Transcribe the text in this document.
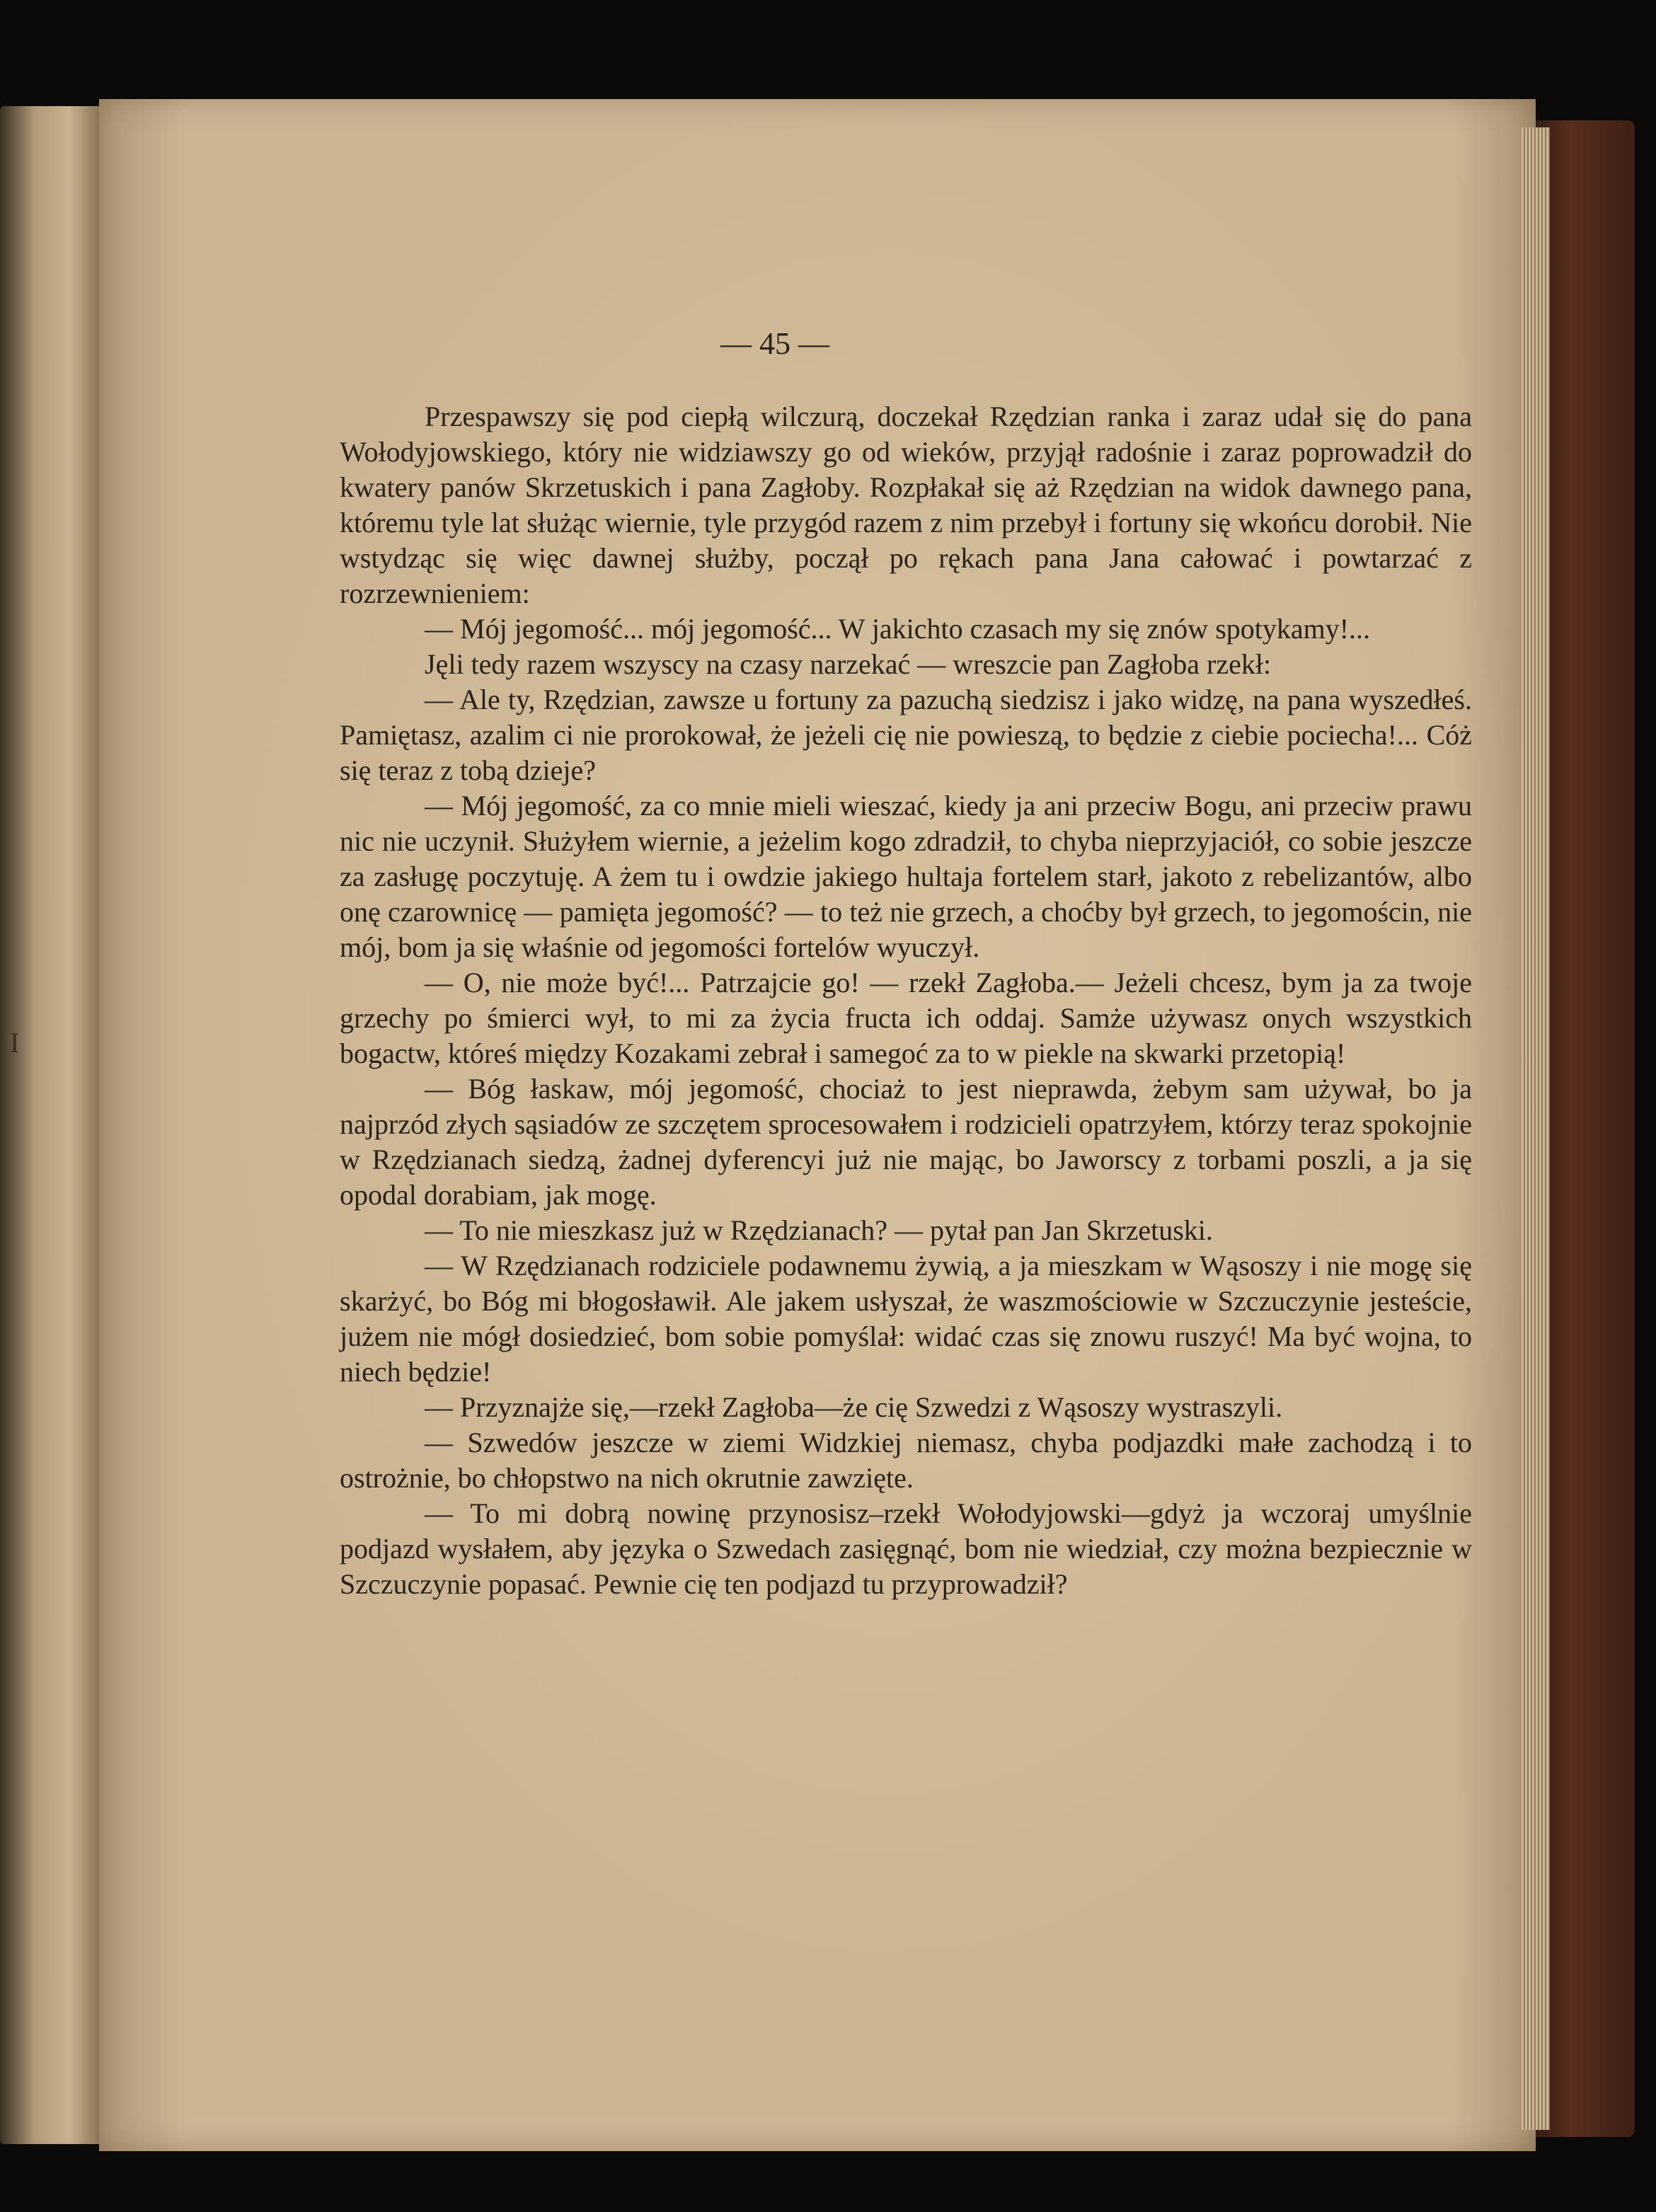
I
— 45 —

Przespawszy się pod ciepłą wilczurą, doczekał Rzędzian ranka i zaraz udał się do pana Wołodyjowskiego, który nie widziawszy go od wieków, przyjął radośnie i zaraz poprowadził do kwatery panów Skrzetuskich i pana Zagłoby. Rozpłakał się aż Rzędzian na widok dawnego pana, któremu tyle lat służąc wiernie, tyle przygód razem z nim przebył i fortuny się wkońcu dorobił. Nie wstydząc się więc dawnej służby, począł po rękach pana Jana całować i powtarzać z rozrzewnieniem:

— Mój jegomość... mój jegomość... W jakichto czasach my się znów spotykamy!...

Jęli tedy razem wszyscy na czasy narzekać — wreszcie pan Zagłoba rzekł:

— Ale ty, Rzędzian, zawsze u fortuny za pazuchą siedzisz i jako widzę, na pana wyszedłeś. Pamiętasz, azalim ci nie prorokował, że jeżeli cię nie powieszą, to będzie z ciebie pociecha!... Cóż się teraz z tobą dzieje?

— Mój jegomość, za co mnie mieli wieszać, kiedy ja ani przeciw Bogu, ani przeciw prawu nic nie uczynił. Służyłem wiernie, a jeżelim kogo zdradził, to chyba nieprzyjaciół, co sobie jeszcze za zasługę poczytuję. A żem tu i owdzie jakiego hultaja fortelem starł, jakoto z rebelizantów, albo onę czarownicę — pamięta jegomość? — to też nie grzech, a choćby był grzech, to jegomościn, nie mój, bom ja się właśnie od jegomości fortelów wyuczył.

— O, nie może być!... Patrzajcie go! — rzekł Zagłoba.— Jeżeli chcesz, bym ja za twoje grzechy po śmierci wył, to mi za życia fructa ich oddaj. Samże używasz onych wszystkich bogactw, któreś między Kozakami zebrał i samegoć za to w piekle na skwarki przetopią!

— Bóg łaskaw, mój jegomość, chociaż to jest nieprawda, żebym sam używał, bo ja najprzód złych sąsiadów ze szczętem sprocesowałem i rodzicieli opatrzyłem, którzy teraz spokojnie w Rzędzianach siedzą, żadnej dyferencyi już nie mając, bo Jaworscy z torbami poszli, a ja się opodal dorabiam, jak mogę.

— To nie mieszkasz już w Rzędzianach? — pytał pan Jan Skrzetuski.

— W Rzędzianach rodziciele podawnemu żywią, a ja mieszkam w Wąsoszy i nie mogę się skarżyć, bo Bóg mi błogosławił. Ale jakem usłyszał, że waszmościowie w Szczuczynie jesteście, jużem nie mógł dosiedzieć, bom sobie pomyślał: widać czas się znowu ruszyć! Ma być wojna, to niech będzie!

— Przyznajże się,—rzekł Zagłoba—że cię Szwedzi z Wąsoszy wystraszyli.

— Szwedów jeszcze w ziemi Widzkiej niemasz, chyba podjazdki małe zachodzą i to ostrożnie, bo chłopstwo na nich okrutnie zawzięte.

— To mi dobrą nowinę przynosisz–rzekł Wołodyjowski—gdyż ja wczoraj umyślnie podjazd wysłałem, aby języka o Szwedach zasięgnąć, bom nie wiedział, czy można bezpiecznie w Szczuczynie popasać. Pewnie cię ten podjazd tu przyprowadził?
